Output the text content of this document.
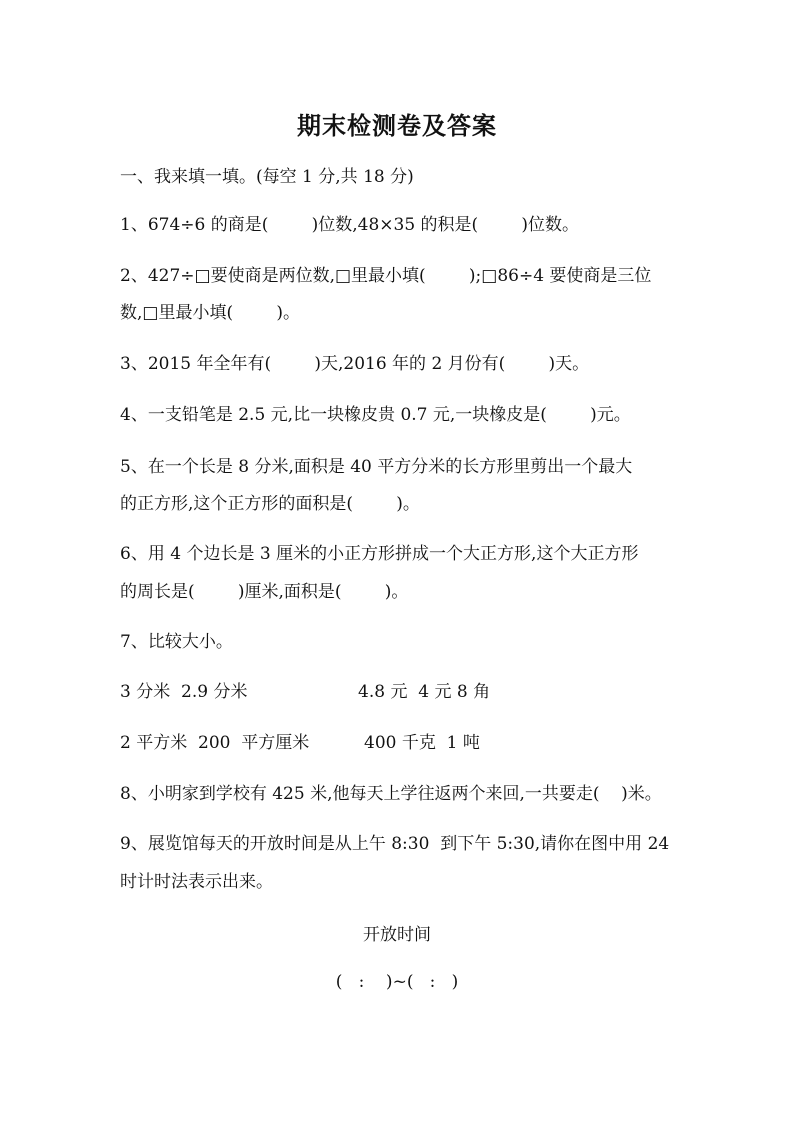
期末检测卷及答案
一、我来填一填。(每空 1 分,共 18 分)
1、674÷6 的商是(        )位数,48×35 的积是(        )位数。
2、427÷□要使商是两位数,□里最小填(        );□86÷4 要使商是三位
数,□里最小填(        )。
3、2015 年全年有(        )天,2016 年的 2 月份有(        )天。
4、一支铅笔是 2.5 元,比一块橡皮贵 0.7 元,一块橡皮是(        )元。
5、在一个长是 8 分米,面积是 40 平方分米的长方形里剪出一个最大
的正方形,这个正方形的面积是(        )。
6、用 4 个边长是 3 厘米的小正方形拼成一个大正方形,这个大正方形
的周长是(        )厘米,面积是(        )。
7、比较大小。
3 分米  2.9 分米	4.8 元  4 元 8 角
2 平方米  200  平方厘米	400 千克  1 吨
8、小明家到学校有 425 米,他每天上学往返两个来回,一共要走(    )米。
9、展览馆每天的开放时间是从上午 8:30  到下午 5:30,请你在图中用 24
时计时法表示出来。
开放时间
(   :    )~(   :   )
